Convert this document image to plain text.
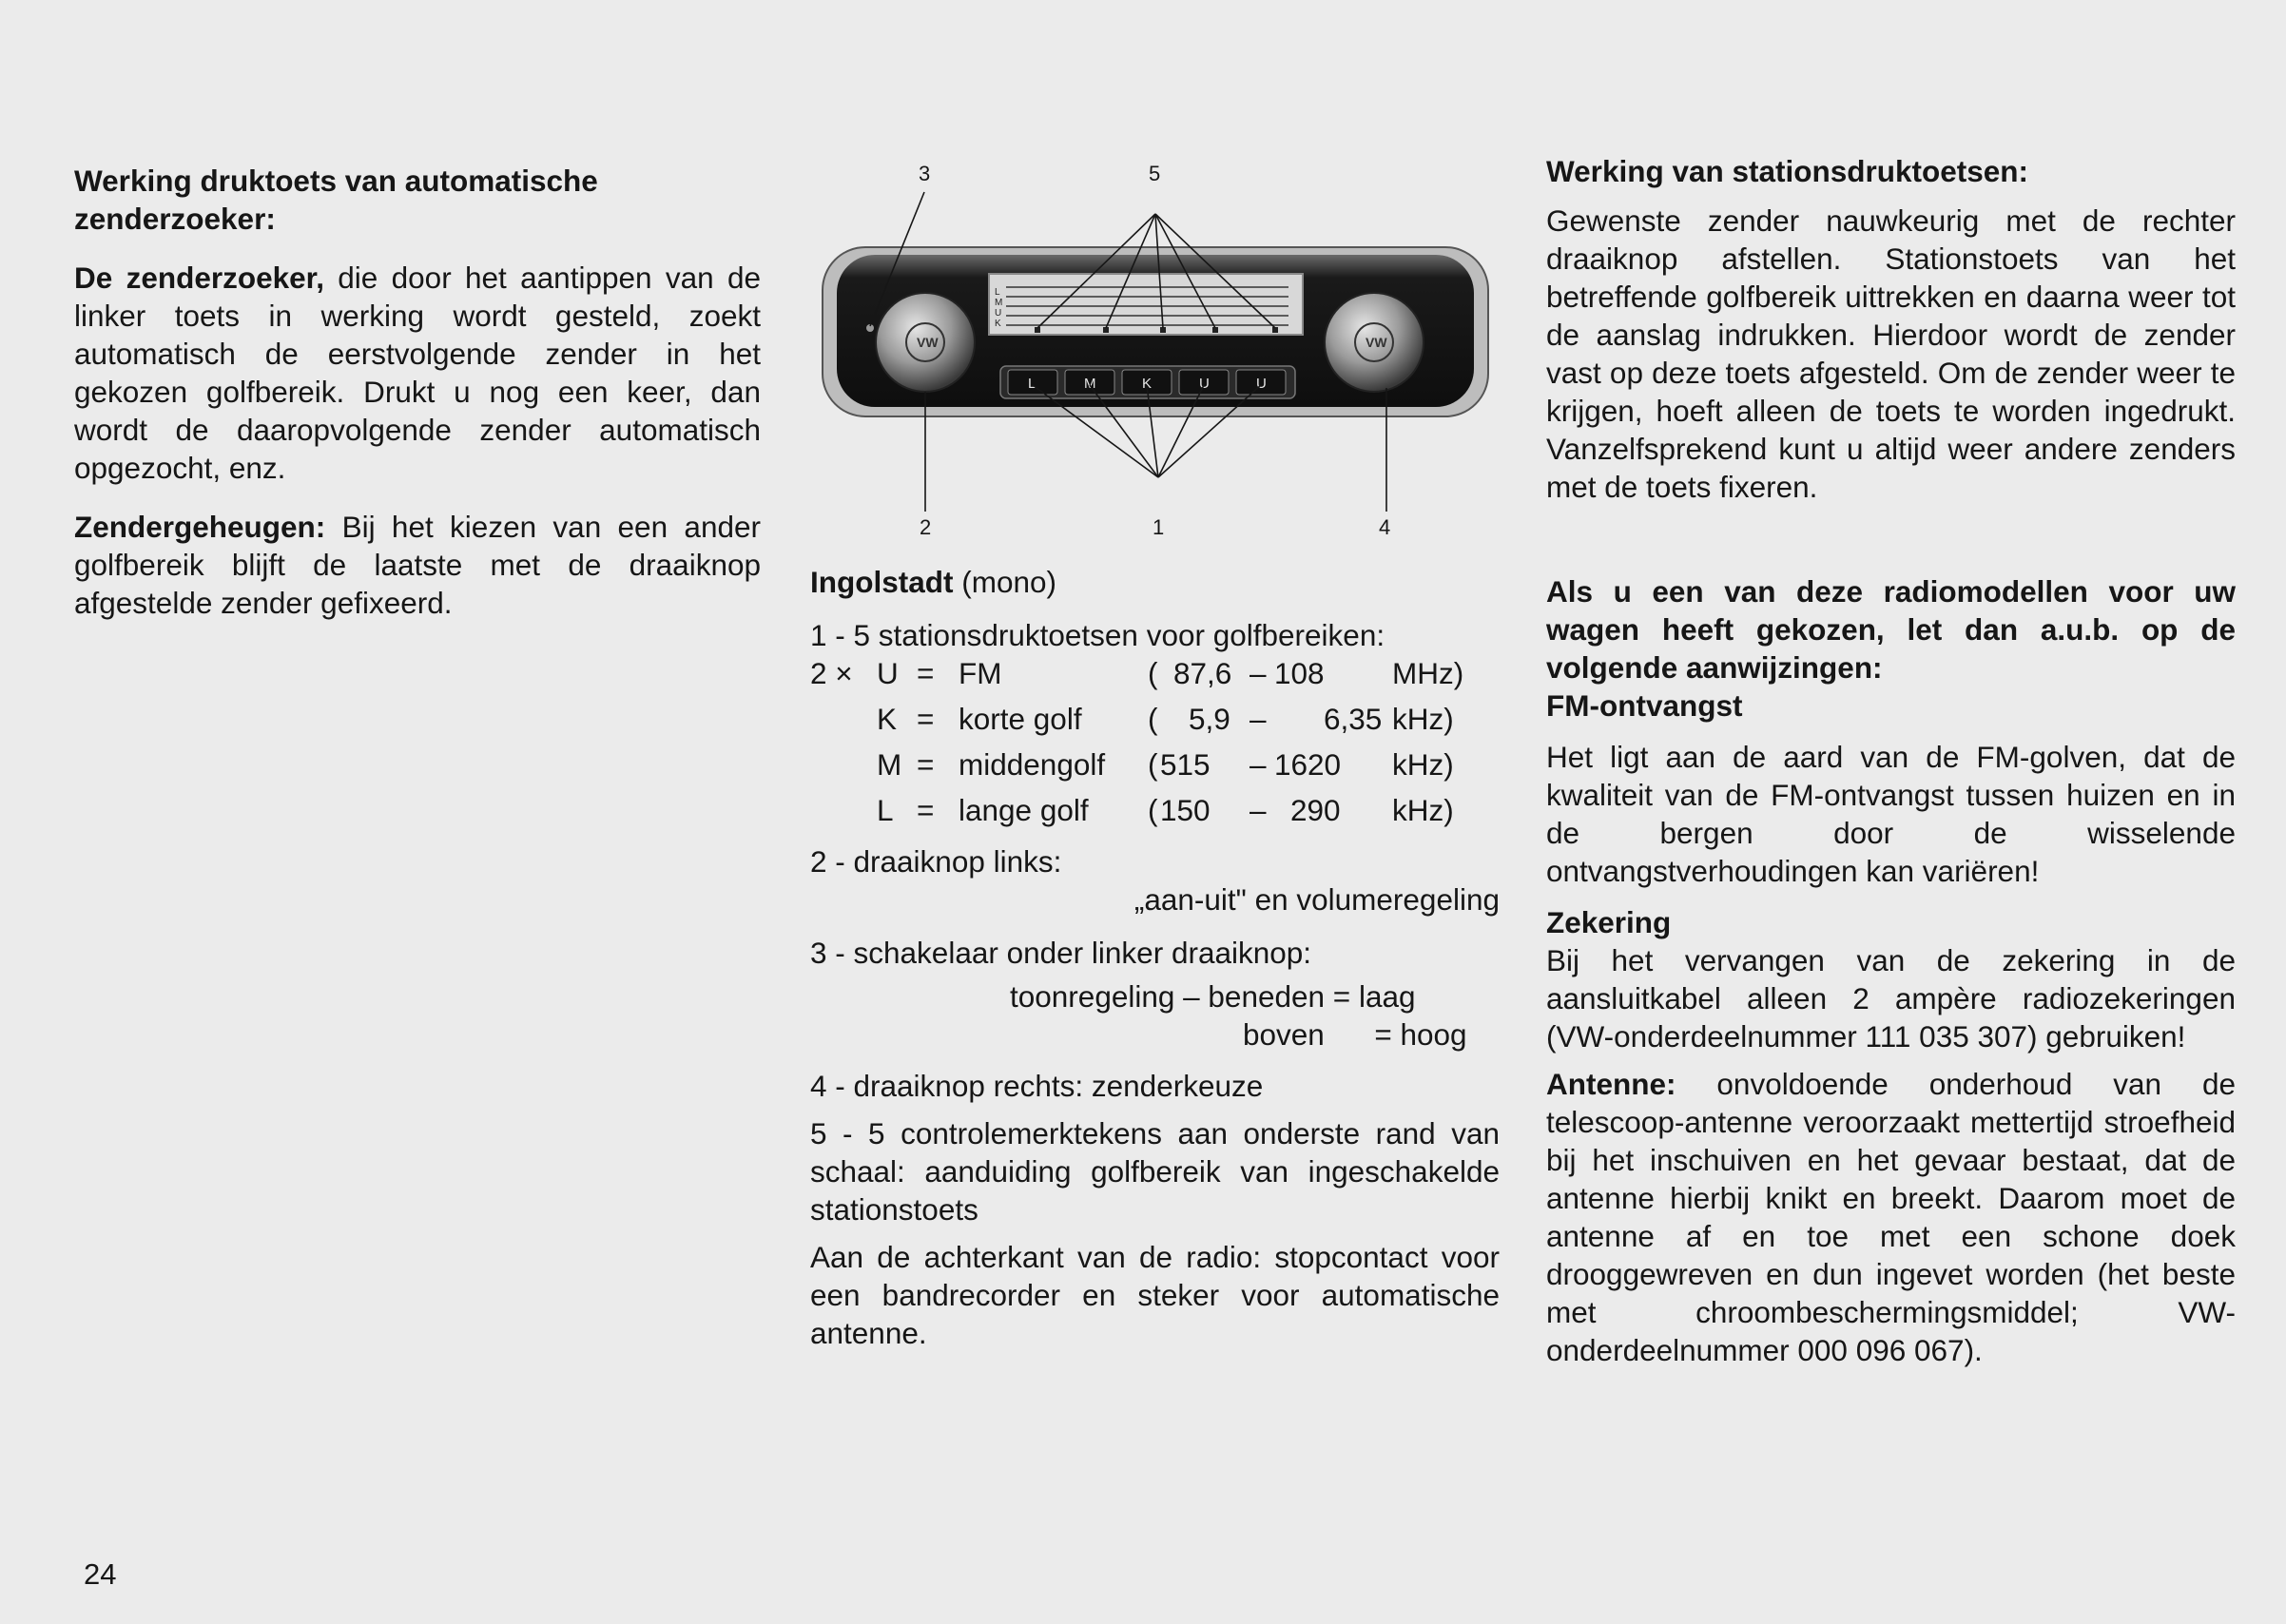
Werking druktoets van automatische zenderzoeker:

De zenderzoeker, die door het aantippen van de linker toets in werking wordt gesteld, zoekt automatisch de eerstvolgende zender in het gekozen golfbereik. Drukt u nog een keer, dan wordt de daaropvolgende zender automatisch opgezocht, enz.

Zendergeheugen: Bij het kiezen van een ander golfbereik blijft de laatste met de draaiknop afgestelde zender gefixeerd.

L
M
U
K
L	M	K	U	U
VW	VW
3	5
2	1	4

Ingolstadt (mono)

1 - 5 stationsdruktoetsen voor golfbereiken:

2 × U = FM	( 87,6 – 108 MHz)
K = korte golf ( 5,9 – 6,35 kHz)
M = middengolf ( 515 – 1620 kHz)
L = lange golf ( 150 – 290 kHz)

2 - draaiknop links:

„aan-uit" en volumeregeling

3 - schakelaar onder linker draaiknop:

toonregeling – beneden = laag

boven      = hoog

4 - draaiknop rechts: zenderkeuze

5 - 5 controlemerktekens aan onderste rand van schaal: aanduiding golfbereik van ingeschakelde stationstoets

Aan de achterkant van de radio: stopcontact voor een bandrecorder en steker voor automatische antenne.

Werking van stationsdruktoetsen:

Gewenste zender nauwkeurig met de rechter draaiknop afstellen. Stationstoets van het betreffende golfbereik uittrekken en daarna weer tot de aanslag indrukken. Hierdoor wordt de zender vast op deze toets afgesteld. Om de zender weer te krijgen, hoeft alleen de toets te worden ingedrukt. Vanzelfsprekend kunt u altijd weer andere zenders met de toets fixeren.

Als u een van deze radiomodellen voor uw wagen heeft gekozen, let dan a.u.b. op de volgende aanwijzingen:

FM-ontvangst

Het ligt aan de aard van de FM-golven, dat de kwaliteit van de FM-ontvangst tussen huizen en in de bergen door de wisselende ontvangstverhoudingen kan variëren!

Zekering

Bij het vervangen van de zekering in de aansluitkabel alleen 2 ampère radiozekeringen (VW-onderdeelnummer 111 035 307) gebruiken!

Antenne: onvoldoende onderhoud van de telescoop-antenne veroorzaakt mettertijd stroefheid bij het inschuiven en het gevaar bestaat, dat de antenne hierbij knikt en breekt. Daarom moet de antenne af en toe met een schone doek drooggewreven en dun ingevet worden (het beste met chroombeschermingsmiddel; VW-onderdeelnummer 000 096 067).

24
